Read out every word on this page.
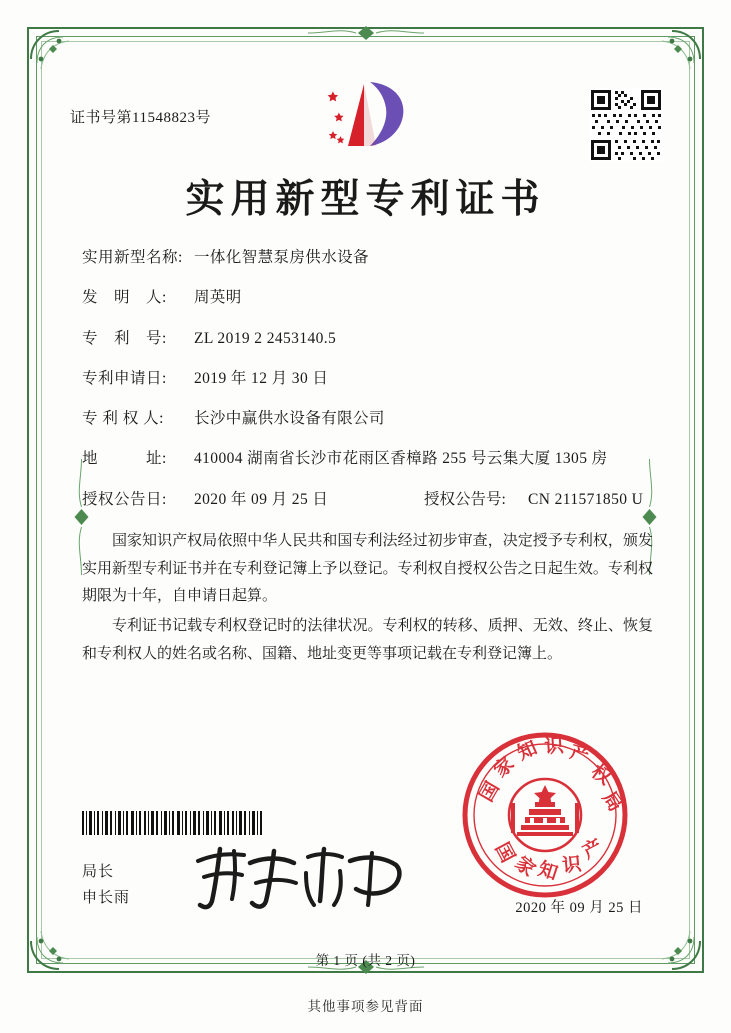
证书号第11548823号
实用新型专利证书
实用新型名称: 一体化智慧泵房供水设备
发　明　人:	周英明
专　利　号:	ZL 2019 2 2453140.5
专利申请日:	2019 年 12 月 30 日
专 利 权 人:	长沙中赢供水设备有限公司
地　　　址:	410004 湖南省长沙市花雨区香樟路 255 号云集大厦 1305 房
授权公告日:	2020 年 09 月 25 日	授权公告号:	CN 211571850 U

国家知识产权局依照中华人民共和国专利法经过初步审查，决定授予专利权，颁发实用新型专利证书并在专利登记簿上予以登记。专利权自授权公告之日起生效。专利权期限为十年，自申请日起算。

专利证书记载专利权登记时的法律状况。专利权的转移、质押、无效、终止、恢复和专利权人的姓名或名称、国籍、地址变更等事项记载在专利登记簿上。

局长
申长雨
国
家
知 识 产
权
局
国
家
知 识
产
2020 年 09 月 25 日
第 1 页 (共 2 页)
其他事项参见背面
